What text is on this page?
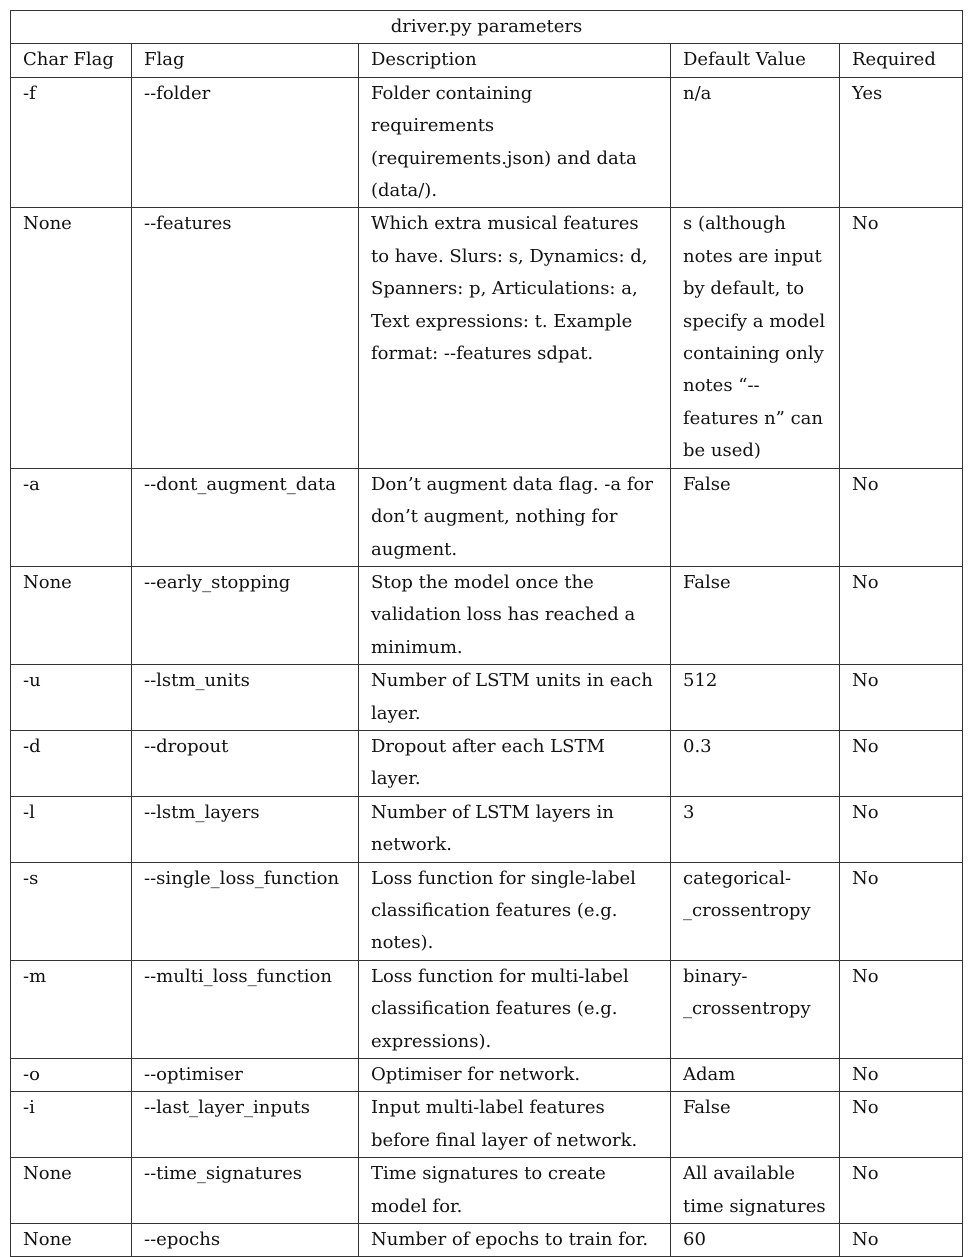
driver.py parameters				
Char Flag	Flag	Description	Default Value	Required
-f	--folder	Folder containing requirements (requirements.json) and data (data/).	n/a	Yes
None	--features	Which extra musical features to have. Slurs: s, Dynamics: d, Spanners: p, Articulations: a, Text expressions: t. Example format: --features sdpat.	s (although notes are input by default, to specify a model containing only notes “--features n” can be used)	No
-a	--dont_augment_data	Don’t augment data flag. -a for don’t augment, nothing for augment.	False	No
None	--early_stopping	Stop the model once the validation loss has reached a minimum.	False	No
-u	--lstm_units	Number of LSTM units in each layer.	512	No
-d	--dropout	Dropout after each LSTM layer.	0.3	No
-l	--lstm_layers	Number of LSTM layers in network.	3	No
-s	--single_loss_function	Loss function for single-label classification features (e.g. notes).	categorical-_crossentropy	No
-m	--multi_loss_function	Loss function for multi-label classification features (e.g. expressions).	binary-_crossentropy	No
-o	--optimiser	Optimiser for network.	Adam	No
-i	--last_layer_inputs	Input multi-label features before final layer of network.	False	No
None	--time_signatures	Time signatures to create model for.	All available time signatures	No
None	--epochs	Number of epochs to train for.	60	No
